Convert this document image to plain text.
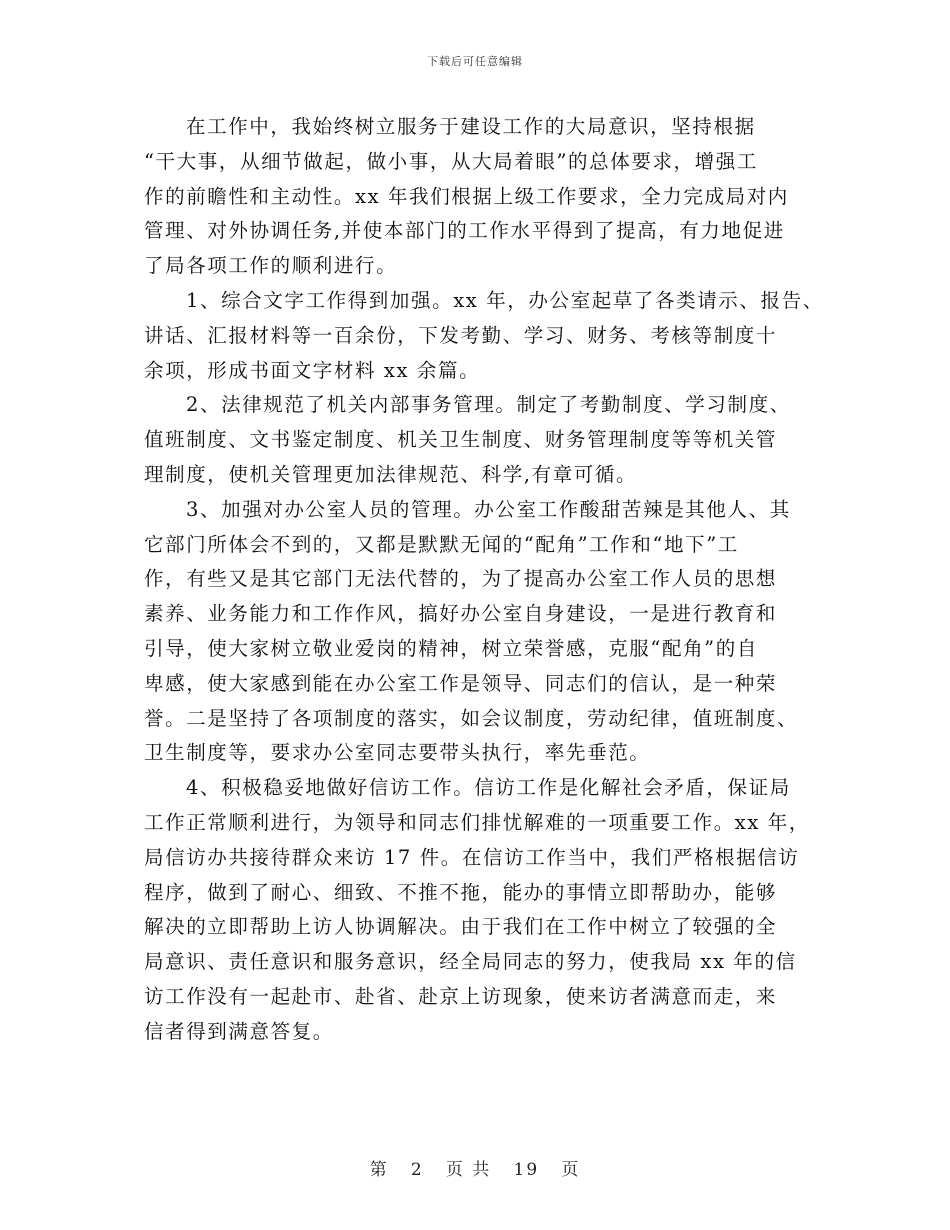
下载后可任意编辑
在工作中，我始终树立服务于建设工作的大局意识，坚持根据
“干大事，从细节做起，做小事，从大局着眼”的总体要求，增强工
作的前瞻性和主动性。xx 年我们根据上级工作要求，全力完成局对内
管理、对外协调任务,并使本部门的工作水平得到了提高，有力地促进
了局各项工作的顺利进行。
1、综合文字工作得到加强。xx 年，办公室起草了各类请示、报告、
讲话、汇报材料等一百余份，下发考勤、学习、财务、考核等制度十
余项，形成书面文字材料 xx 余篇。
2、法律规范了机关内部事务管理。制定了考勤制度、学习制度、
值班制度、文书鉴定制度、机关卫生制度、财务管理制度等等机关管
理制度，使机关管理更加法律规范、科学,有章可循。
3、加强对办公室人员的管理。办公室工作酸甜苦辣是其他人、其
它部门所体会不到的，又都是默默无闻的“配角”工作和“地下”工
作，有些又是其它部门无法代替的，为了提高办公室工作人员的思想
素养、业务能力和工作作风，搞好办公室自身建设，一是进行教育和
引导，使大家树立敬业爱岗的精神，树立荣誉感，克服“配角”的自
卑感，使大家感到能在办公室工作是领导、同志们的信认，是一种荣
誉。二是坚持了各项制度的落实，如会议制度，劳动纪律，值班制度、
卫生制度等，要求办公室同志要带头执行，率先垂范。
4、积极稳妥地做好信访工作。信访工作是化解社会矛盾，保证局
工作正常顺利进行，为领导和同志们排忧解难的一项重要工作。xx 年，
局信访办共接待群众来访 17 件。在信访工作当中，我们严格根据信访
程序，做到了耐心、细致、不推不拖，能办的事情立即帮助办，能够
解决的立即帮助上访人协调解决。由于我们在工作中树立了较强的全
局意识、责任意识和服务意识，经全局同志的努力，使我局 xx 年的信
访工作没有一起赴市、赴省、赴京上访现象，使来访者满意而走，来
信者得到满意答复。
第 2 页 共 19 页
